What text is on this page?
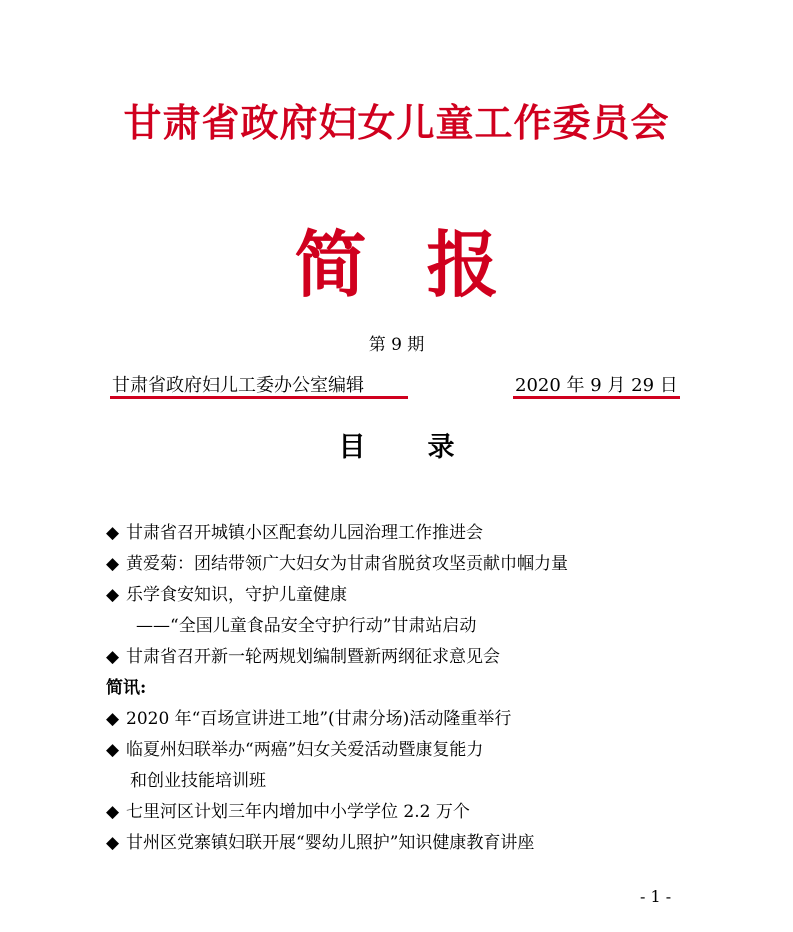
甘肃省政府妇女儿童工作委员会
简报
第 9 期
甘肃省政府妇儿工委办公室编辑	2020 年 9 月 29 日
目录
◆ 甘肃省召开城镇小区配套幼儿园治理工作推进会
◆ 黄爱菊：团结带领广大妇女为甘肃省脱贫攻坚贡献巾帼力量
◆ 乐学食安知识，守护儿童健康
——“全国儿童食品安全守护行动”甘肃站启动
◆ 甘肃省召开新一轮两规划编制暨新两纲征求意见会
简讯:
◆ 2020 年“百场宣讲进工地”(甘肃分场)活动隆重举行
◆ 临夏州妇联举办“两癌”妇女关爱活动暨康复能力
和创业技能培训班
◆ 七里河区计划三年内增加中小学学位 2.2 万个
◆ 甘州区党寨镇妇联开展“婴幼儿照护”知识健康教育讲座
- 1 -
